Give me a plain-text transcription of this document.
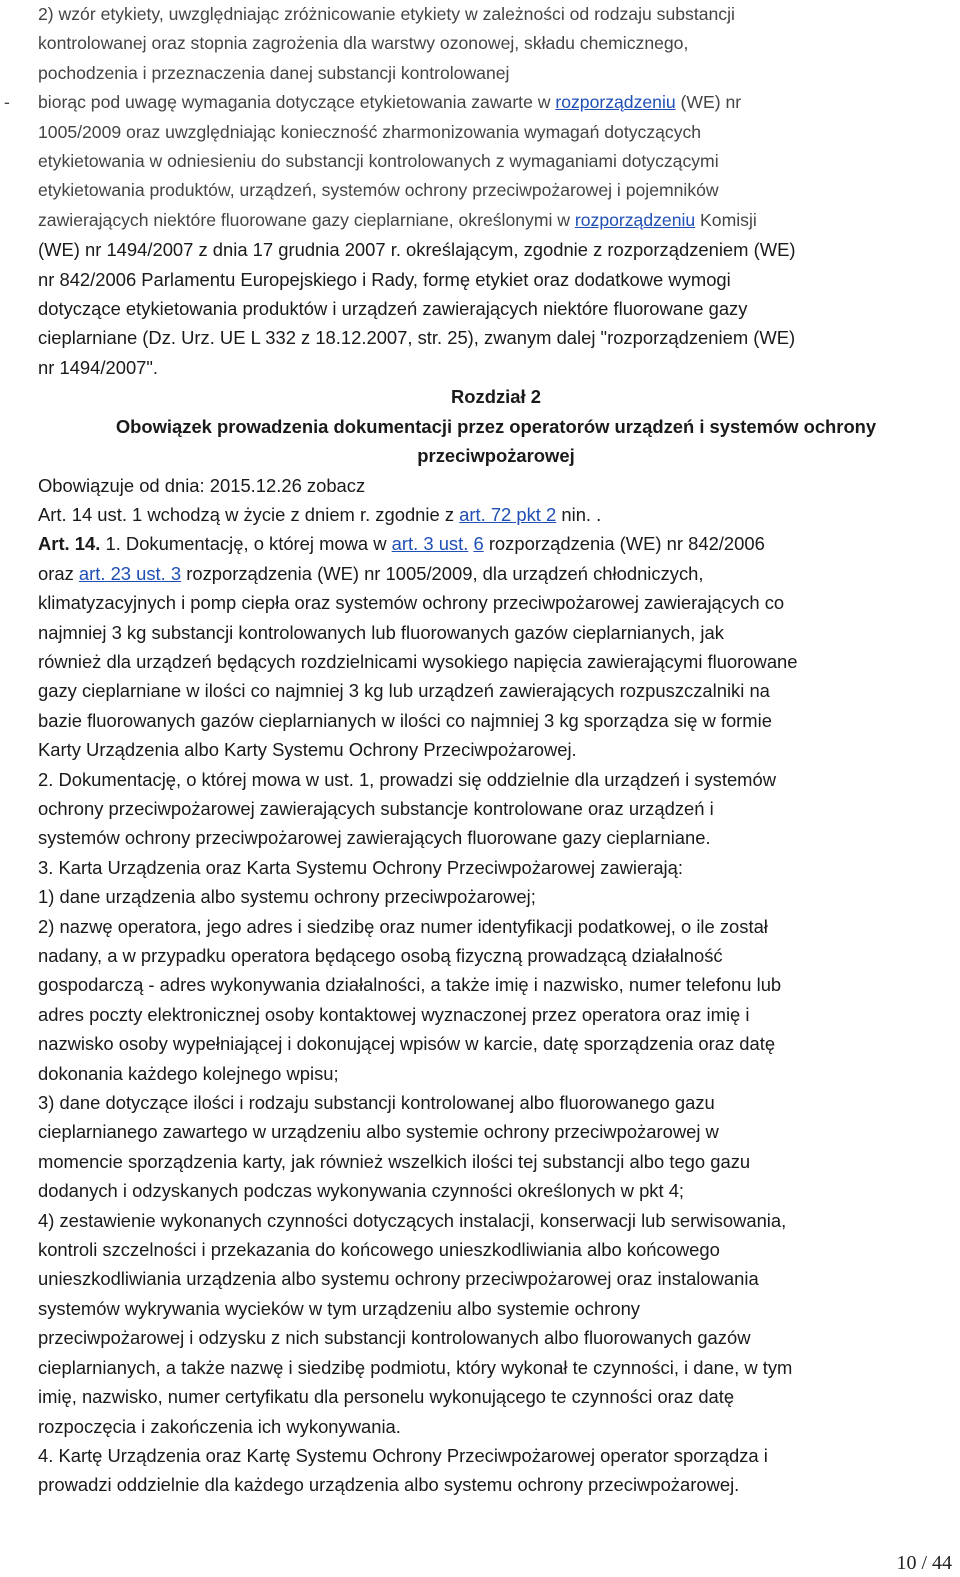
2) wzór etykiety, uwzględniając zróżnicowanie etykiety w zależności od rodzaju substancji
kontrolowanej oraz stopnia zagrożenia dla warstwy ozonowej, składu chemicznego,
pochodzenia i przeznaczenia danej substancji kontrolowanej
- biorąc pod uwagę wymagania dotyczące etykietowania zawarte w rozporządzeniu (WE) nr
1005/2009 oraz uwzględniając konieczność zharmonizowania wymagań dotyczących
etykietowania w odniesieniu do substancji kontrolowanych z wymaganiami dotyczącymi
etykietowania produktów, urządzeń, systemów ochrony przeciwpożarowej i pojemników
zawierających niektóre fluorowane gazy cieplarniane, określonymi w rozporządzeniu Komisji
(WE) nr 1494/2007 z dnia 17 grudnia 2007 r. określającym, zgodnie z rozporządzeniem (WE)
nr 842/2006 Parlamentu Europejskiego i Rady, formę etykiet oraz dodatkowe wymogi
dotyczące etykietowania produktów i urządzeń zawierających niektóre fluorowane gazy
cieplarniane (Dz. Urz. UE L 332 z 18.12.2007, str. 25), zwanym dalej "rozporządzeniem (WE)
nr 1494/2007".
Rozdział 2
Obowiązek prowadzenia dokumentacji przez operatorów urządzeń i systemów ochrony
przeciwpożarowej
Obowiązuje od dnia: 2015.12.26 zobacz
Art. 14 ust. 1 wchodzą w życie z dniem r. zgodnie z art. 72 pkt 2 nin. .
Art. 14. 1. Dokumentację, o której mowa w art. 3 ust. 6 rozporządzenia (WE) nr 842/2006
oraz art. 23 ust. 3 rozporządzenia (WE) nr 1005/2009, dla urządzeń chłodniczych,
klimatyzacyjnych i pomp ciepła oraz systemów ochrony przeciwpożarowej zawierających co
najmniej 3 kg substancji kontrolowanych lub fluorowanych gazów cieplarnianych, jak
również dla urządzeń będących rozdzielnicami wysokiego napięcia zawierającymi fluorowane
gazy cieplarniane w ilości co najmniej 3 kg lub urządzeń zawierających rozpuszczalniki na
bazie fluorowanych gazów cieplarnianych w ilości co najmniej 3 kg sporządza się w formie
Karty Urządzenia albo Karty Systemu Ochrony Przeciwpożarowej.
2. Dokumentację, o której mowa w ust. 1, prowadzi się oddzielnie dla urządzeń i systemów
ochrony przeciwpożarowej zawierających substancje kontrolowane oraz urządzeń i
systemów ochrony przeciwpożarowej zawierających fluorowane gazy cieplarniane.
3. Karta Urządzenia oraz Karta Systemu Ochrony Przeciwpożarowej zawierają:
1) dane urządzenia albo systemu ochrony przeciwpożarowej;
2) nazwę operatora, jego adres i siedzibę oraz numer identyfikacji podatkowej, o ile został
nadany, a w przypadku operatora będącego osobą fizyczną prowadzącą działalność
gospodarczą - adres wykonywania działalności, a także imię i nazwisko, numer telefonu lub
adres poczty elektronicznej osoby kontaktowej wyznaczonej przez operatora oraz imię i
nazwisko osoby wypełniającej i dokonującej wpisów w karcie, datę sporządzenia oraz datę
dokonania każdego kolejnego wpisu;
3) dane dotyczące ilości i rodzaju substancji kontrolowanej albo fluorowanego gazu
cieplarnianego zawartego w urządzeniu albo systemie ochrony przeciwpożarowej w
momencie sporządzenia karty, jak również wszelkich ilości tej substancji albo tego gazu
dodanych i odzyskanych podczas wykonywania czynności określonych w pkt 4;
4) zestawienie wykonanych czynności dotyczących instalacji, konserwacji lub serwisowania,
kontroli szczelności i przekazania do końcowego unieszkodliwiania albo końcowego
unieszkodliwiania urządzenia albo systemu ochrony przeciwpożarowej oraz instalowania
systemów wykrywania wycieków w tym urządzeniu albo systemie ochrony
przeciwpożarowej i odzysku z nich substancji kontrolowanych albo fluorowanych gazów
cieplarnianych, a także nazwę i siedzibę podmiotu, który wykonał te czynności, i dane, w tym
imię, nazwisko, numer certyfikatu dla personelu wykonującego te czynności oraz datę
rozpoczęcia i zakończenia ich wykonywania.
4. Kartę Urządzenia oraz Kartę Systemu Ochrony Przeciwpożarowej operator sporządza i
prowadzi oddzielnie dla każdego urządzenia albo systemu ochrony przeciwpożarowej.
10 / 44
